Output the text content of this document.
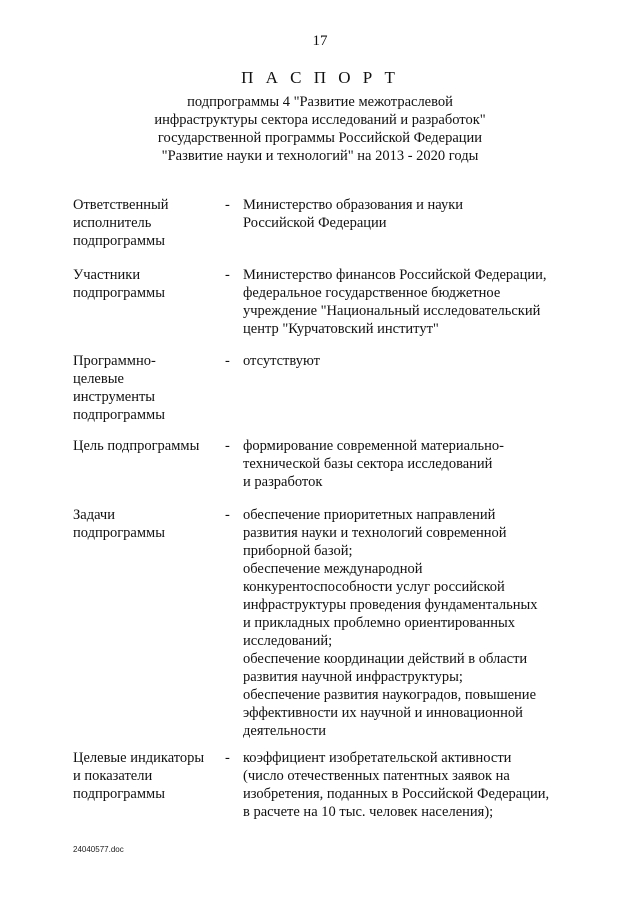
17
П А С П О Р Т
подпрограммы 4 "Развитие межотраслевой
инфраструктуры сектора исследований и разработок"
государственной программы Российской Федерации
"Развитие науки и технологий" на 2013 - 2020 годы
Ответственный
исполнитель
подпрограммы
- Министерство образования и науки
Российской Федерации
Участники
подпрограммы
- Министерство финансов Российской Федерации,
федеральное государственное бюджетное
учреждение "Национальный исследовательский
центр "Курчатовский институт"
Программно-
целевые
инструменты
подпрограммы
- отсутствуют
Цель подпрограммы	- формирование современной материально-
технической базы сектора исследований
и разработок
Задачи
подпрограммы
- обеспечение приоритетных направлений
развития науки и технологий современной
приборной базой;
обеспечение международной
конкурентоспособности услуг российской
инфраструктуры проведения фундаментальных
и прикладных проблемно ориентированных
исследований;
обеспечение координации действий в области
развития научной инфраструктуры;
обеспечение развития наукоградов, повышение
эффективности их научной и инновационной
деятельности
Целевые индикаторы
и показатели
подпрограммы
- коэффициент изобретательской активности
(число отечественных патентных заявок на
изобретения, поданных в Российской Федерации,
в расчете на 10 тыс. человек населения);
24040577.doc
